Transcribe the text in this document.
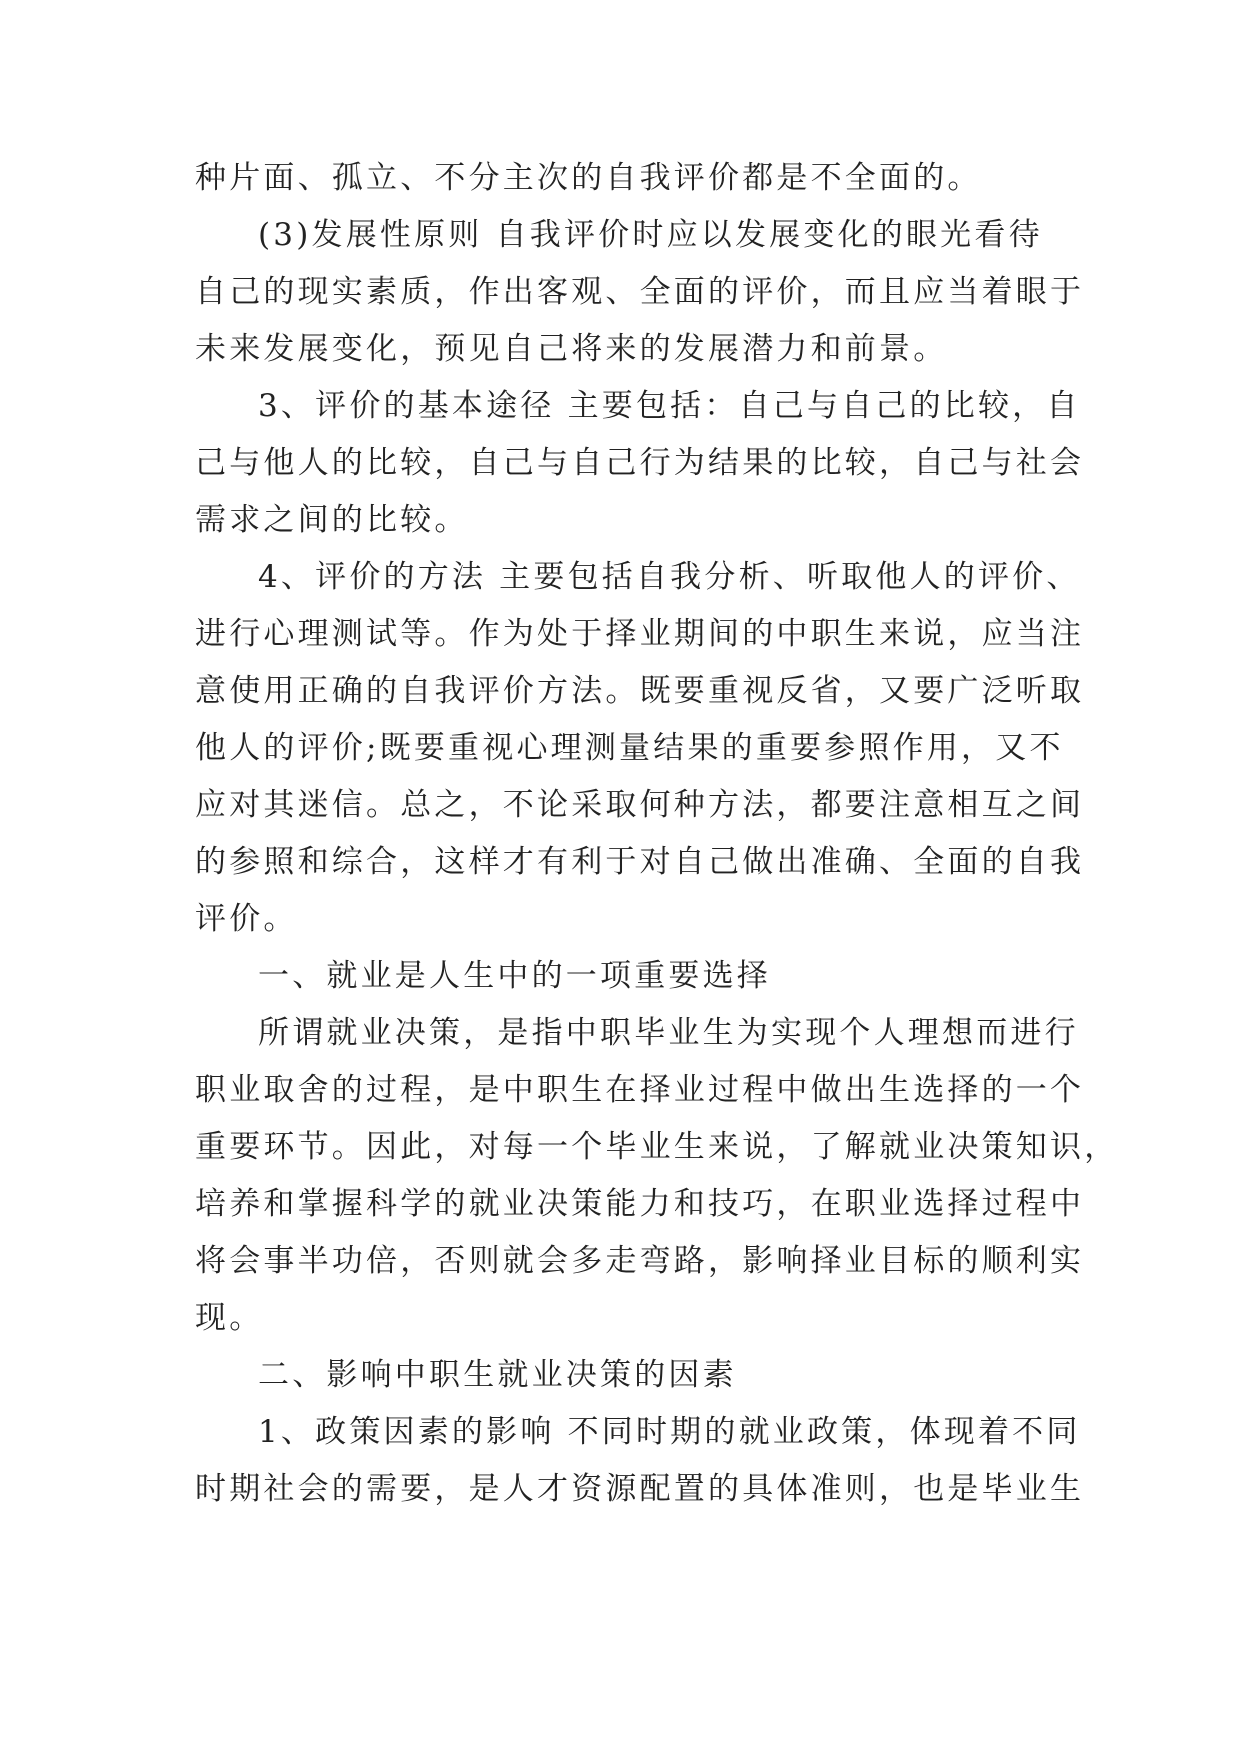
种片面、孤立、不分主次的自我评价都是不全面的。
(3)发展性原则 自我评价时应以发展变化的眼光看待
自己的现实素质，作出客观、全面的评价，而且应当着眼于
未来发展变化，预见自己将来的发展潜力和前景。
3、评价的基本途径 主要包括：自己与自己的比较，自
己与他人的比较，自己与自己行为结果的比较，自己与社会
需求之间的比较。
4、评价的方法 主要包括自我分析、听取他人的评价、
进行心理测试等。作为处于择业期间的中职生来说，应当注
意使用正确的自我评价方法。既要重视反省，又要广泛听取
他人的评价;既要重视心理测量结果的重要参照作用，又不
应对其迷信。总之，不论采取何种方法，都要注意相互之间
的参照和综合，这样才有利于对自己做出准确、全面的自我
评价。
一、就业是人生中的一项重要选择
所谓就业决策，是指中职毕业生为实现个人理想而进行
职业取舍的过程，是中职生在择业过程中做出生选择的一个
重要环节。因此，对每一个毕业生来说，了解就业决策知识，
培养和掌握科学的就业决策能力和技巧，在职业选择过程中
将会事半功倍，否则就会多走弯路，影响择业目标的顺利实
现。
二、影响中职生就业决策的因素
1、政策因素的影响 不同时期的就业政策，体现着不同
时期社会的需要，是人才资源配置的具体准则，也是毕业生
